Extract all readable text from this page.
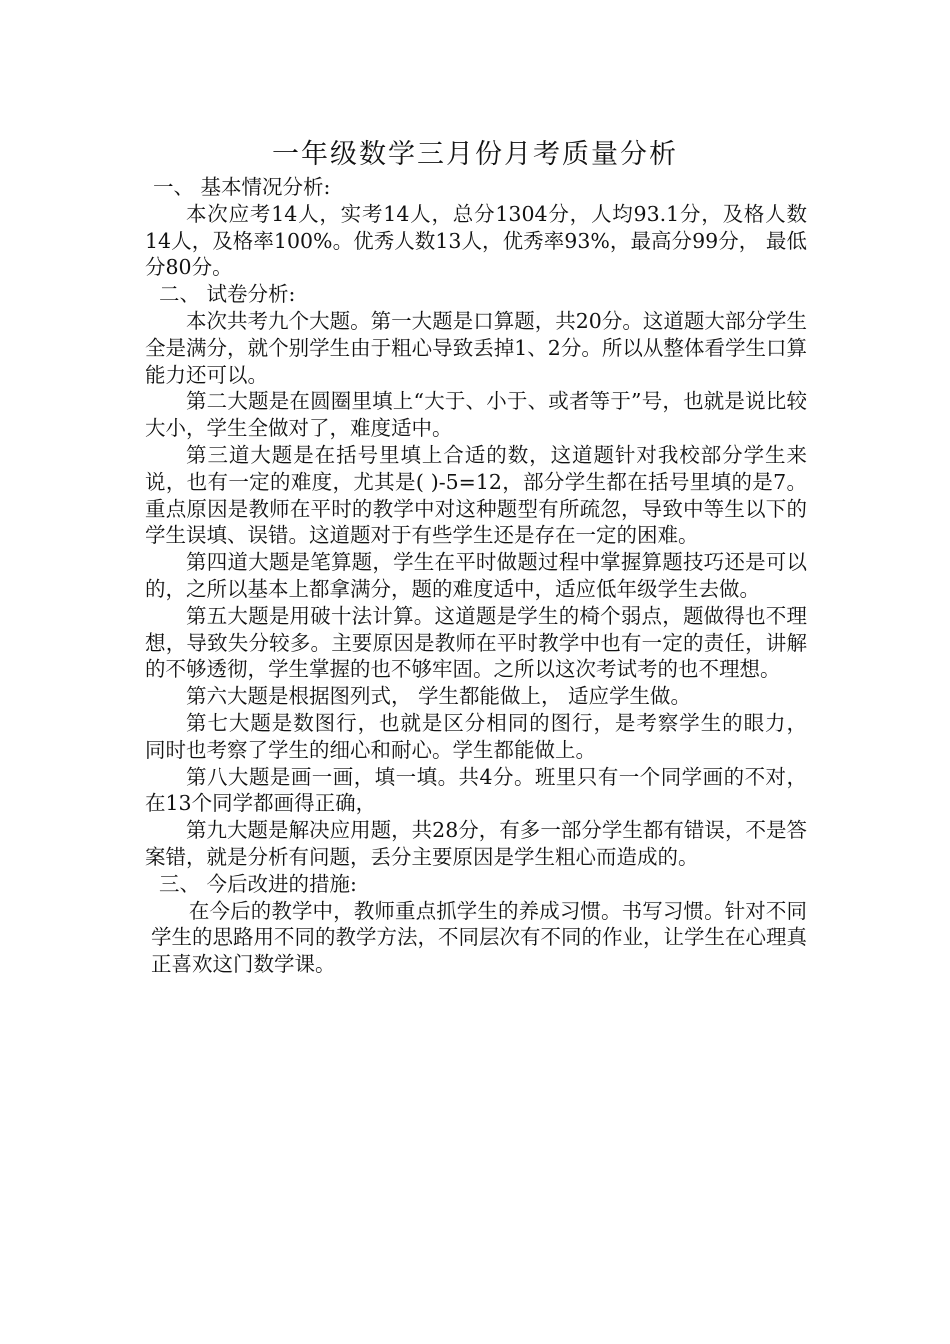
一年级数学三月份月考质量分析

一、 基本情况分析:

本次应考14人，实考14人，总分1304分，人均93.1分，及格人数14人，及格率100%。优秀人数13人，优秀率93%，最高分99分， 最低分80分。

二、 试卷分析:

本次共考九个大题。第一大题是口算题，共20分。这道题大部分学生全是满分，就个别学生由于粗心导致丢掉1、2分。所以从整体看学生口算能力还可以。

第二大题是在圆圈里填上“大于、小于、或者等于”号，也就是说比较大小，学生全做对了，难度适中。

第三道大题是在括号里填上合适的数，这道题针对我校部分学生来说，也有一定的难度，尤其是( )-5=12，部分学生都在括号里填的是7。重点原因是教师在平时的教学中对这种题型有所疏忽，导致中等生以下的学生误填、误错。这道题对于有些学生还是存在一定的困难。

第四道大题是笔算题，学生在平时做题过程中掌握算题技巧还是可以的，之所以基本上都拿满分，题的难度适中，适应低年级学生去做。

第五大题是用破十法计算。这道题是学生的椅个弱点，题做得也不理想，导致失分较多。主要原因是教师在平时教学中也有一定的责任，讲解的不够透彻，学生掌握的也不够牢固。之所以这次考试考的也不理想。

第六大题是根据图列式， 学生都能做上， 适应学生做。

第七大题是数图行，也就是区分相同的图行，是考察学生的眼力， 同时也考察了学生的细心和耐心。学生都能做上。

第八大题是画一画，填一填。共4分。班里只有一个同学画的不对， 在13个同学都画得正确，

第九大题是解决应用题，共28分，有多一部分学生都有错误，不是答案错，就是分析有问题，丢分主要原因是学生粗心而造成的。

三、 今后改进的措施:

在今后的教学中，教师重点抓学生的养成习惯。书写习惯。针对不同学生的思路用不同的教学方法，不同层次有不同的作业，让学生在心理真正喜欢这门数学课。
